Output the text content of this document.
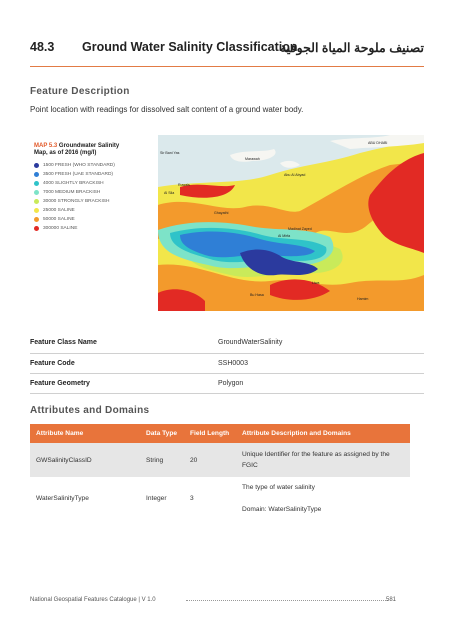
48.3 Ground Water Salinity Classification
تصنيف ملوحة المياة الجوفية
Feature Description
Point location with readings for dissolved salt content of a ground water body.
MAP 5.3 Groundwater Salinity
Map, as of 2016 (mg/l)
1500 FRESH (WHO STANDARD)
3500 FRESH (UAE STANDARD)
4000 SLIGHTLY BRACKISH
7000 MEDIUM BRACKISH
30000 STRONGLY BRACKISH
25000 SALINE
50000 SALINE
300000 SALINE
Sir Bani Yas
Marawah
ABU DHABI
Abu Al Abyad
Ruwais
Ghayathi
Madinat Zayed
Al Mirfa
Al Sila
Liwa
Hamim
Bu Hasa
Feature Class Name	GroundWaterSalinity
Feature Code	SSH0003
Feature Geometry	Polygon
Attributes and Domains
Attribute Name	Data Type	Field Length	Attribute Description and Domains
GWSalinityClassID	String	20	Unique Identifier for the feature as assigned by the
FGIC
WaterSalinityType	Integer	3	The type of water salinity

Domain: WaterSalinityType
National Geospatial Features Catalogue | V 1.0	581
